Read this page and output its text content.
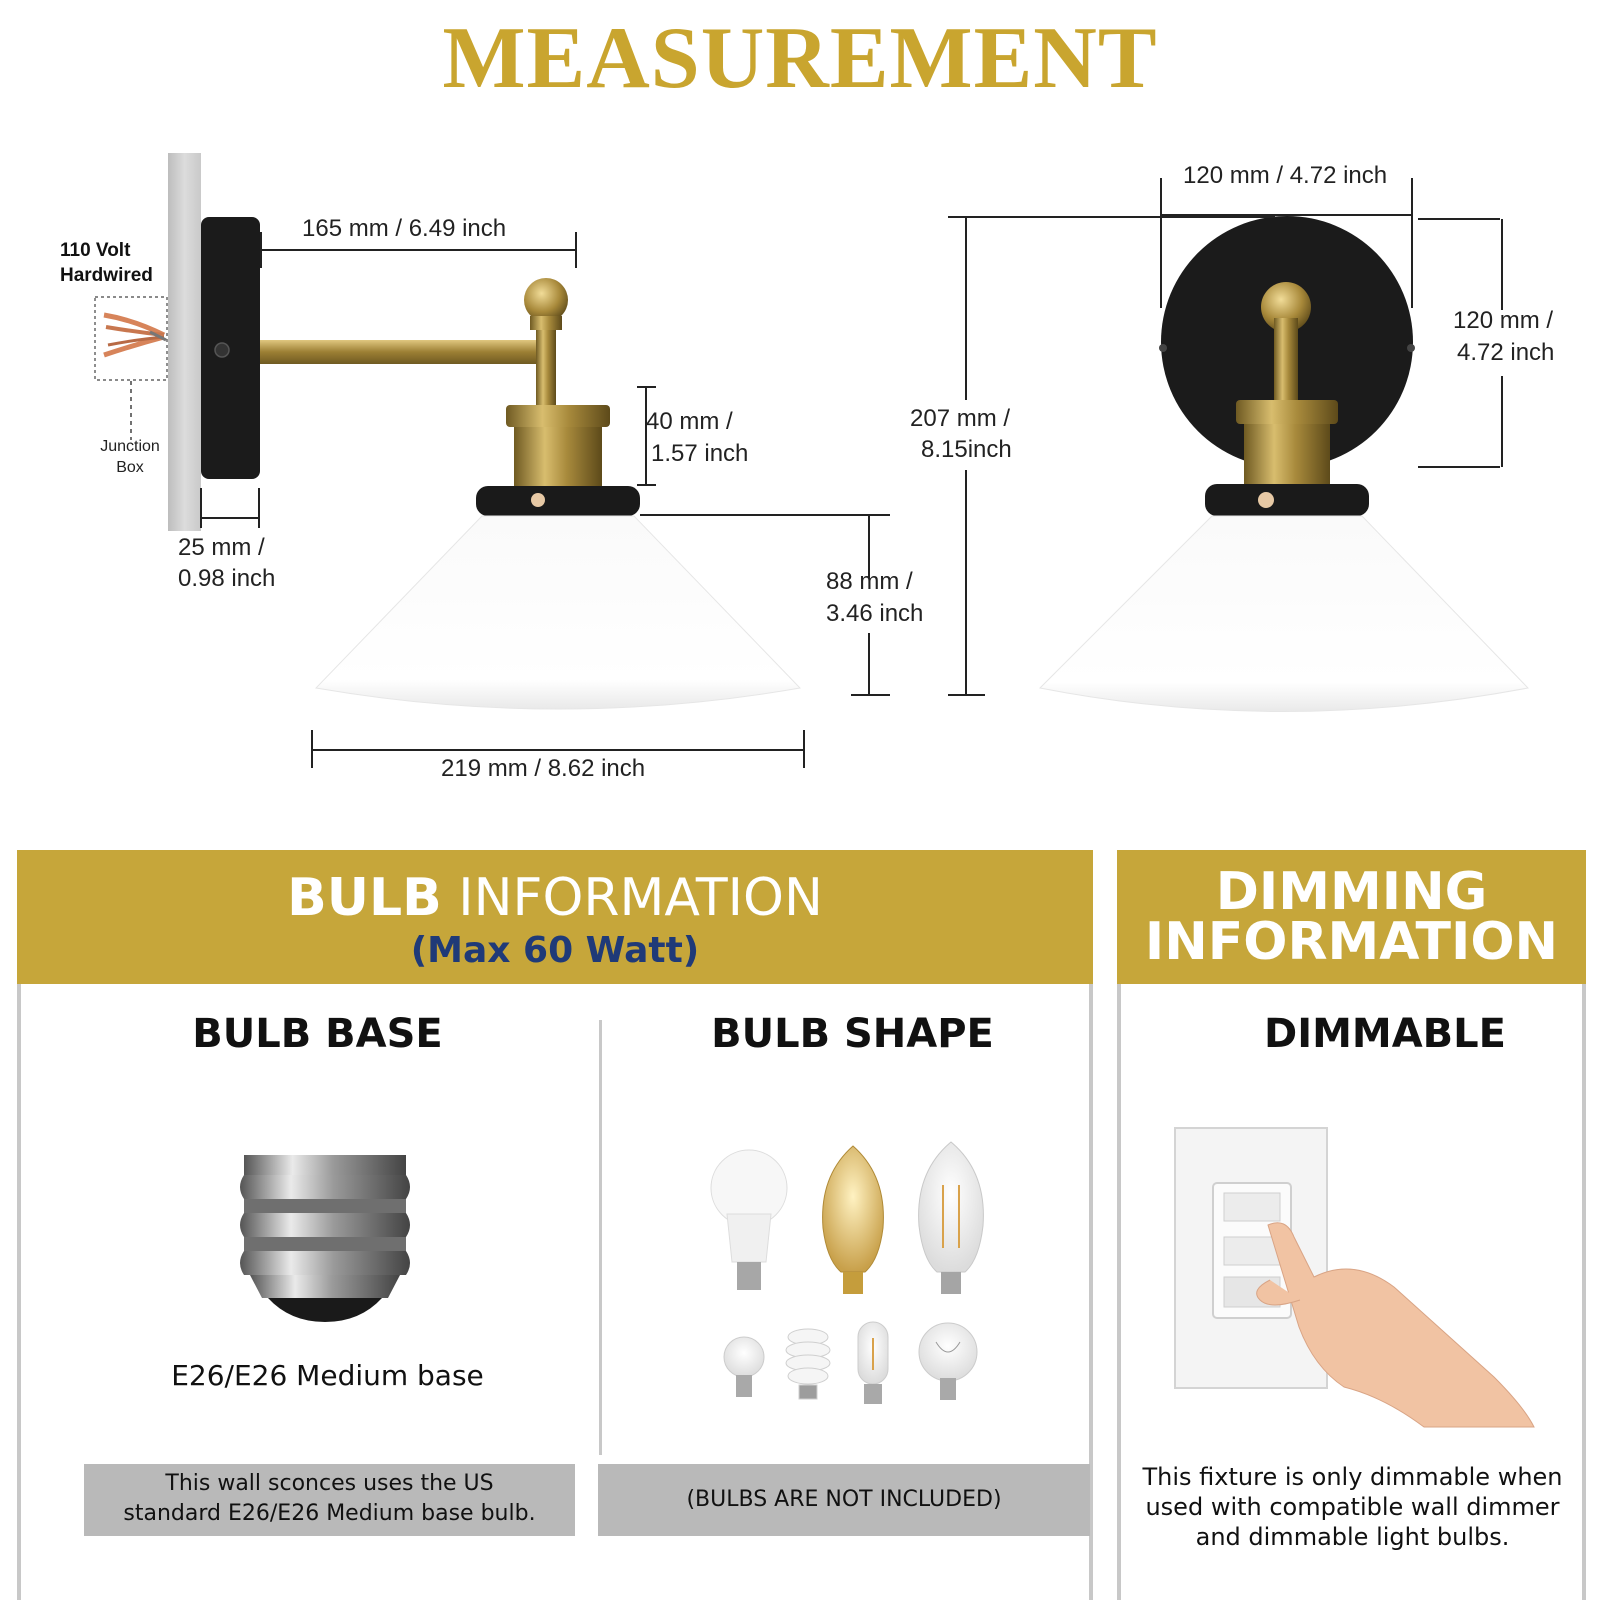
MEASUREMENT
110 Volt
Hardwired
Junction
Box
165 mm / 6.49 inch
25 mm /
0.98 inch
40 mm /
1.57 inch
88 mm /
3.46 inch
219 mm / 8.62 inch
120 mm / 4.72 inch
207 mm /
8.15inch
120 mm /
4.72 inch
BULB INFORMATION
(Max 60 Watt)
BULB BASE
E26/E26 Medium base
This wall sconces uses the US
standard E26/E26 Medium base bulb.
BULB SHAPE
(BULBS ARE NOT INCLUDED)
DIMMING
INFORMATION
DIMMABLE
This fixture is only dimmable when
used with compatible wall dimmer
and dimmable light bulbs.
